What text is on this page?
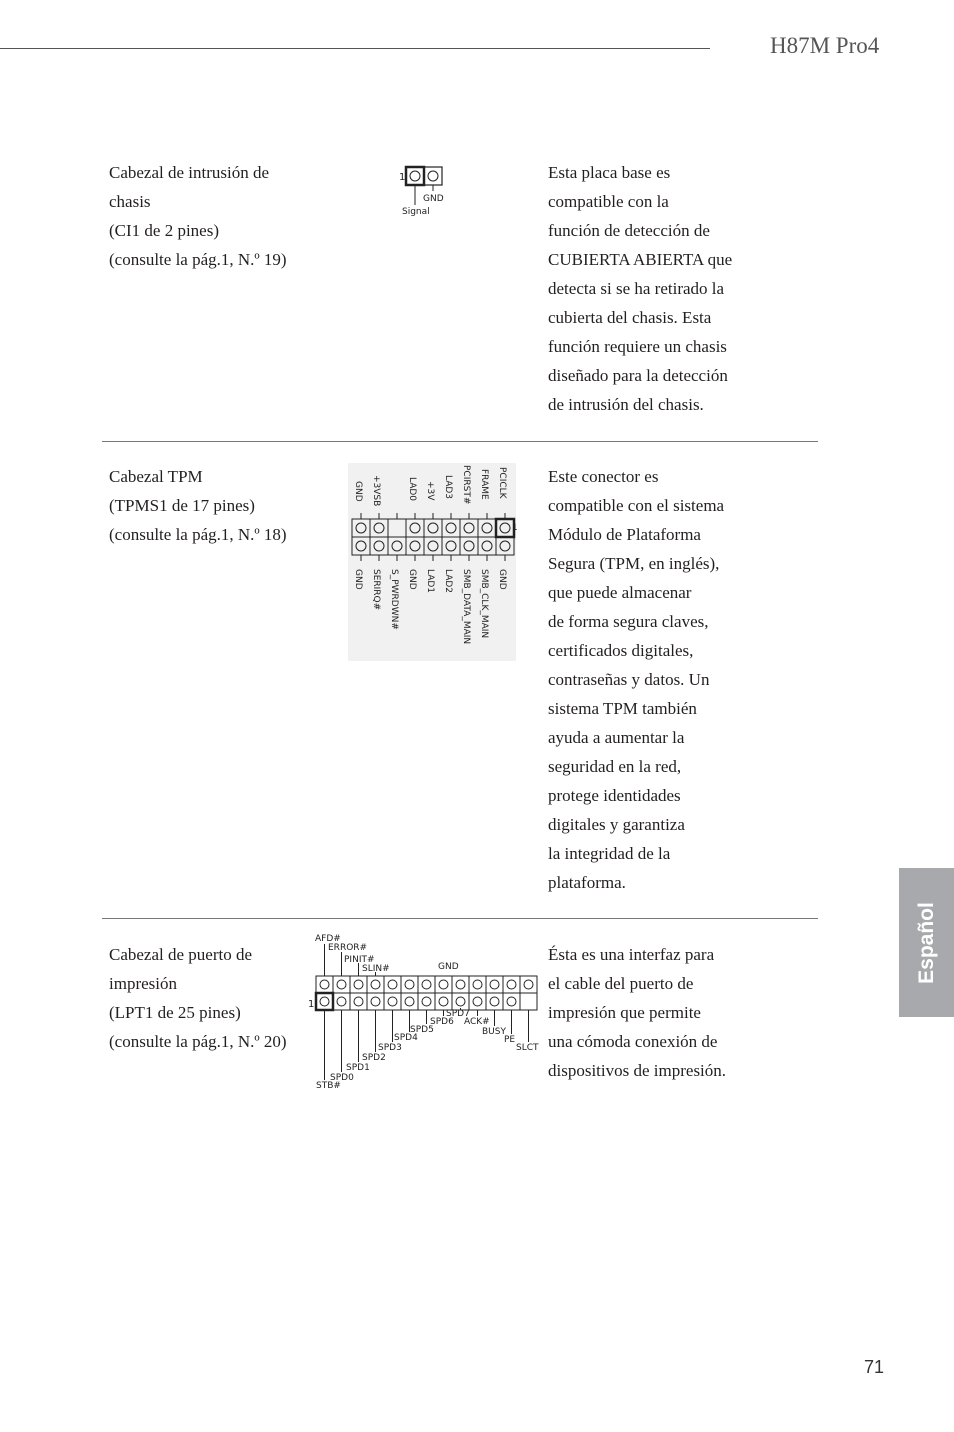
H87M Pro4
Cabezal de intrusión de
chasis
(CI1 de 2 pines)
(consulte la pág.1, N.º 19)
1
GND
Signal
Esta placa base es
compatible con la
función de detección de
CUBIERTA ABIERTA que
detecta si se ha retirado la
cubierta del chasis. Esta
función requiere un chasis
diseñado para la detección
de intrusión del chasis.
Cabezal TPM
(TPMS1 de 17 pines)
(consulte la pág.1, N.º 18)	1
GND +3VSB	LAD0 +3V LAD3 PCIRST# FRAME PCICLK
GND SERIRQ# S_PWRDWN# GND LAD1 LAD2 SMB_DATA_MAIN SMB_CLK_MAIN GND
Este conector es
compatible con el sistema
Módulo de Plataforma
Segura (TPM, en inglés),
que puede almacenar
de forma segura claves,
certificados digitales,
contraseñas y datos. Un
sistema TPM también
ayuda a aumentar la
seguridad en la red,
protege identidades
digitales y garantiza
la integridad de la
plataforma.
Cabezal de puerto de
impresión
(LPT1 de 25 pines)
(consulte la pág.1, N.º 20)
1
AFD#
ERROR#
PINIT#
SLIN#	GND
STB#
SPD0
SPD1
SPD2
SPD3
SPD4
SPD5
SPD6
SPD7
ACK#
BUSY
PE
SLCT
Ésta es una interfaz para
el cable del puerto de
impresión que permite
una cómoda conexión de
dispositivos de impresión.
Español
71
